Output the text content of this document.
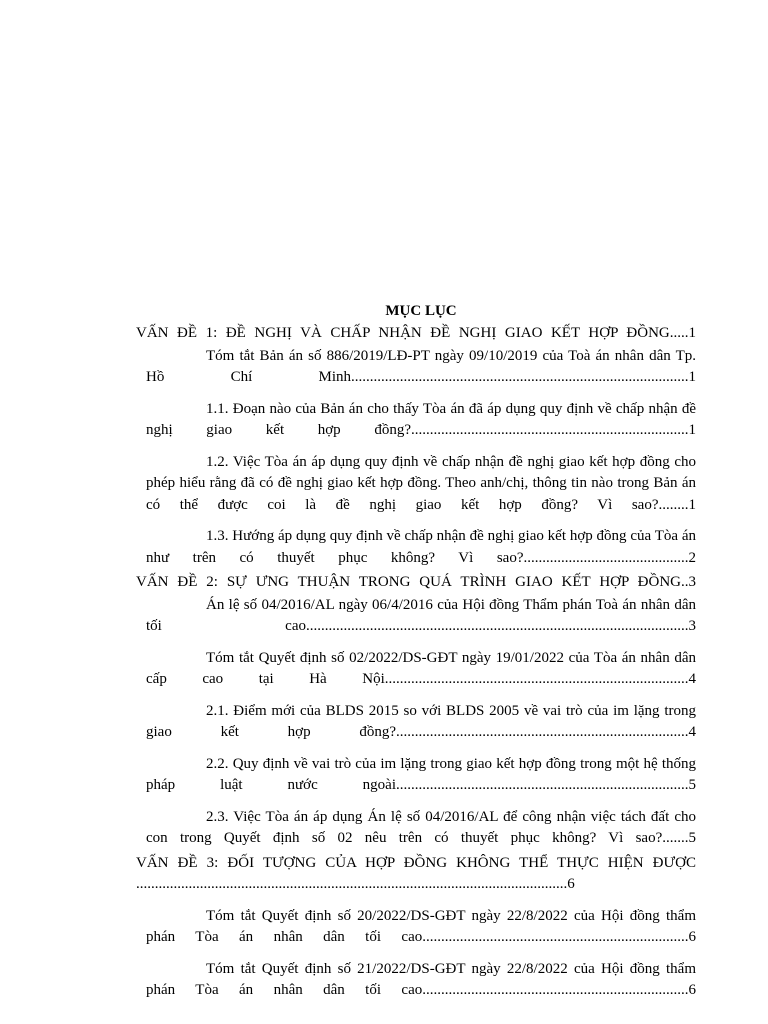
MỤC LỤC
VẤN ĐỀ 1: ĐỀ NGHỊ VÀ CHẤP NHẬN ĐỀ NGHỊ GIAO KẾT HỢP ĐỒNG.....1
Tóm tắt Bản án số 886/2019/LĐ-PT ngày 09/10/2019 của Toà án nhân dân Tp. Hồ Chí Minh..........................................................................................1
1.1. Đoạn nào của Bản án cho thấy Tòa án đã áp dụng quy định về chấp nhận đề nghị giao kết hợp đồng?..........................................................................1
1.2. Việc Tòa án áp dụng quy định về chấp nhận đề nghị giao kết hợp đồng cho phép hiểu rằng đã có đề nghị giao kết hợp đồng. Theo anh/chị, thông tin nào trong Bản án có thể được coi là đề nghị giao kết hợp đồng? Vì sao?........1
1.3. Hướng áp dụng quy định về chấp nhận đề nghị giao kết hợp đồng của Tòa án như trên có thuyết phục không? Vì sao?............................................2
VẤN ĐỀ 2: SỰ ƯNG THUẬN TRONG QUÁ TRÌNH GIAO KẾT HỢP ĐỒNG..3
Án lệ số 04/2016/AL ngày 06/4/2016 của Hội đồng Thẩm phán Toà án nhân dân tối cao......................................................................................................3
Tóm tắt Quyết định số 02/2022/DS-GĐT ngày 19/01/2022 của Tòa án nhân dân cấp cao tại Hà Nội.................................................................................4
2.1. Điểm mới của BLDS 2015 so với BLDS 2005 về vai trò của im lặng trong giao kết hợp đồng?..............................................................................4
2.2. Quy định về vai trò của im lặng trong giao kết hợp đồng trong một hệ thống pháp luật nước ngoài..............................................................................5
2.3. Việc Tòa án áp dụng Án lệ số 04/2016/AL để công nhận việc tách đất cho con trong Quyết định số 02 nêu trên có thuyết phục không? Vì sao?.......5
VẤN ĐỀ 3: ĐỐI TƯỢNG CỦA HỢP ĐỒNG KHÔNG THỂ THỰC HIỆN ĐƯỢC ...................................................................................................................6
Tóm tắt Quyết định số 20/2022/DS-GĐT ngày 22/8/2022 của Hội đồng thẩm phán Tòa án nhân dân tối cao.......................................................................6
Tóm tắt Quyết định số 21/2022/DS-GĐT ngày 22/8/2022 của Hội đồng thẩm phán Tòa án nhân dân tối cao.......................................................................6
